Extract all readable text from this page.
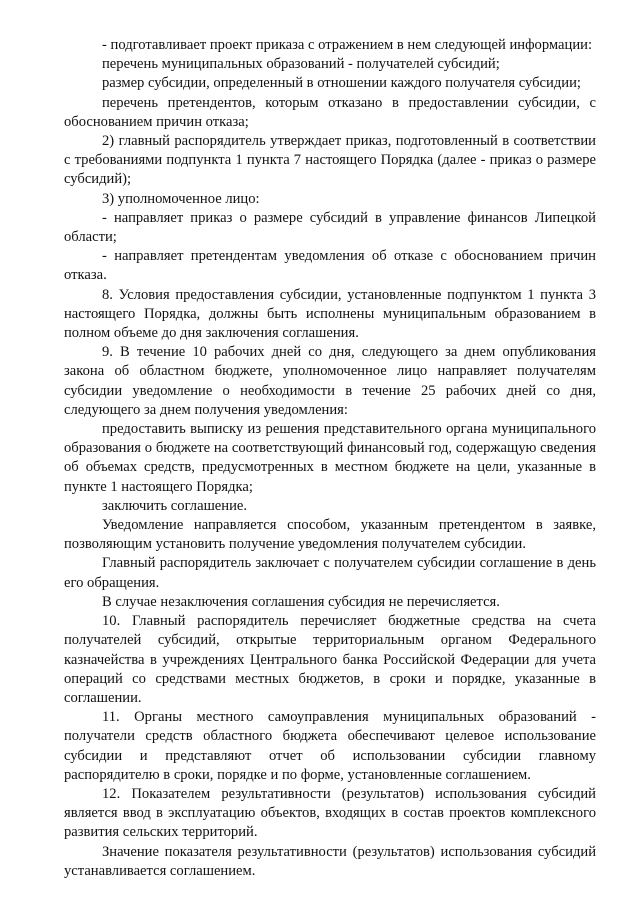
- подготавливает проект приказа с отражением в нем следующей информации:

перечень муниципальных образований - получателей субсидий;

размер субсидии, определенный в отношении каждого получателя субсидии;

перечень претендентов, которым отказано в предоставлении субсидии, с обоснованием причин отказа;

2) главный распорядитель утверждает приказ, подготовленный в соответствии с требованиями подпункта 1 пункта 7 настоящего Порядка (далее - приказ о размере субсидий);

3) уполномоченное лицо:

- направляет приказ о размере субсидий в управление финансов Липецкой области;

- направляет претендентам уведомления об отказе с обоснованием причин отказа.

8. Условия предоставления субсидии, установленные подпунктом 1 пункта 3 настоящего Порядка, должны быть исполнены муниципальным образованием в полном объеме до дня заключения соглашения.

9. В течение 10 рабочих дней со дня, следующего за днем опубликования закона об областном бюджете, уполномоченное лицо направляет получателям субсидии уведомление о необходимости в течение 25 рабочих дней со дня, следующего за днем получения уведомления:

предоставить выписку из решения представительного органа муниципального образования о бюджете на соответствующий финансовый год, содержащую сведения об объемах средств, предусмотренных в местном бюджете на цели, указанные в пункте 1 настоящего Порядка;

заключить соглашение.

Уведомление направляется способом, указанным претендентом в заявке, позволяющим установить получение уведомления получателем субсидии.

Главный распорядитель заключает с получателем субсидии соглашение в день его обращения.

В случае незаключения соглашения субсидия не перечисляется.

10. Главный распорядитель перечисляет бюджетные средства на счета получателей субсидий, открытые территориальным органом Федерального казначейства в учреждениях Центрального банка Российской Федерации для учета операций со средствами местных бюджетов, в сроки и порядке, указанные в соглашении.

11. Органы местного самоуправления муниципальных образований - получатели средств областного бюджета обеспечивают целевое использование субсидии и представляют отчет об использовании субсидии главному распорядителю в сроки, порядке и по форме, установленные соглашением.

12. Показателем результативности (результатов) использования субсидий является ввод в эксплуатацию объектов, входящих в состав проектов комплексного развития сельских территорий.

Значение показателя результативности (результатов) использования субсидий устанавливается соглашением.
